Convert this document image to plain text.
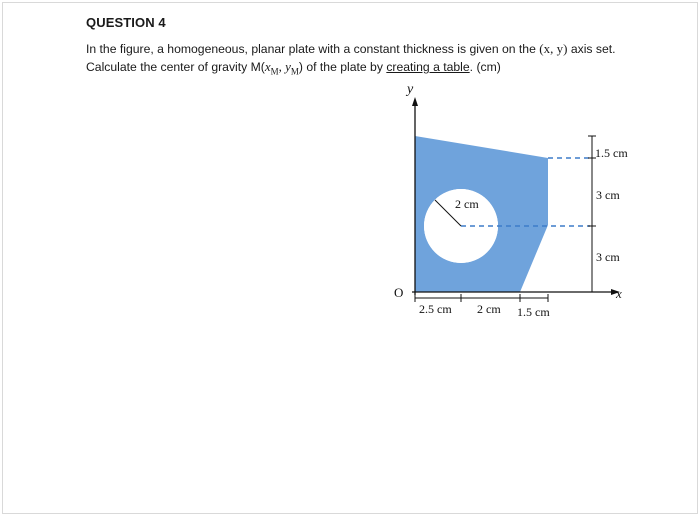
QUESTION 4
In the figure, a homogeneous, planar plate with a constant thickness is given on the (x, y) axis set.
Calculate the center of gravity $M(x_M$, $y_M$) of the plate by creating a table. (cm)
y
x
O
2 cm
1.5 cm
3 cm
3 cm
2.5 cm 2 cm 1.5 cm
